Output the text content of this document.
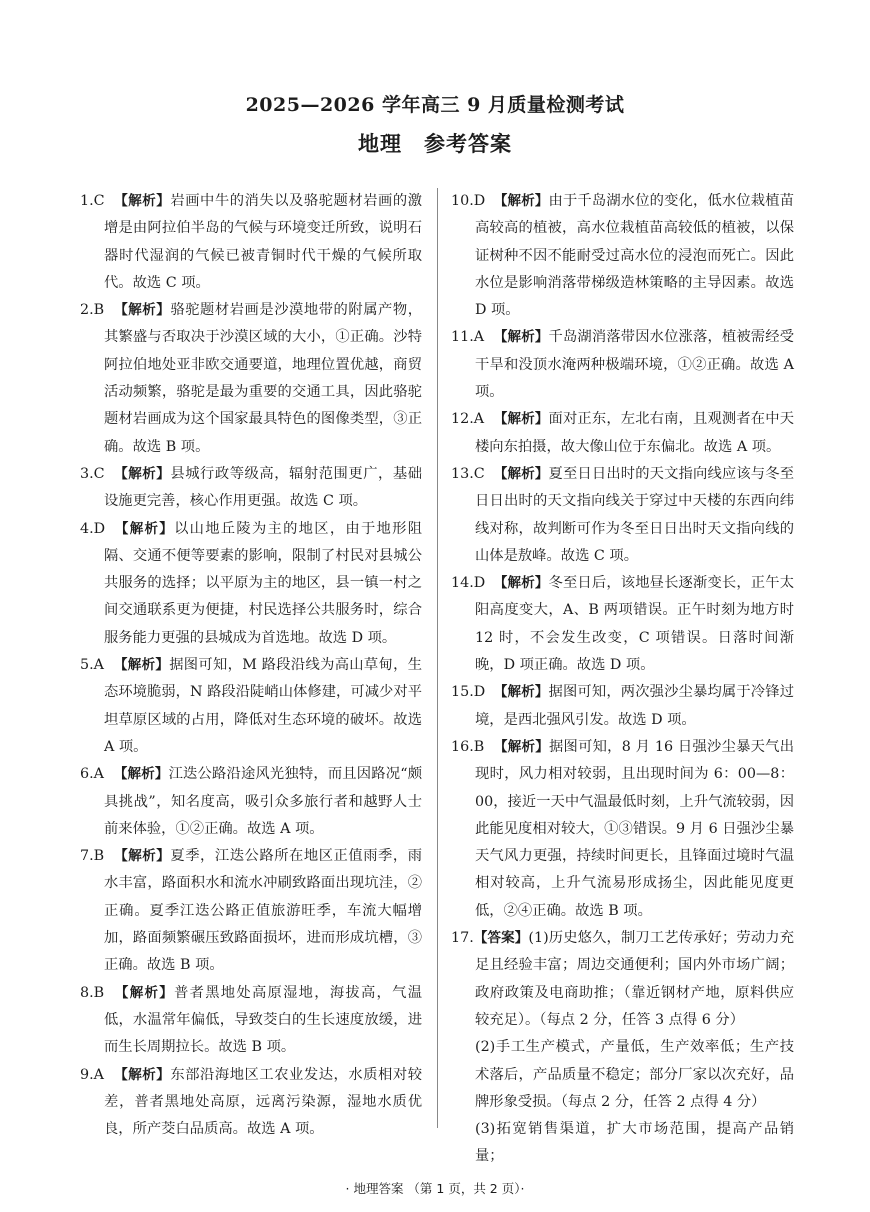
2025—2026 学年高三 9 月质量检测考试
地理 参考答案

1.C 【解析】岩画中牛的消失以及骆驼题材岩画的激增是由阿拉伯半岛的气候与环境变迁所致，说明石器时代湿润的气候已被青铜时代干燥的气候所取代。故选 C 项。

2.B 【解析】骆驼题材岩画是沙漠地带的附属产物，其繁盛与否取决于沙漠区域的大小，①正确。沙特阿拉伯地处亚非欧交通要道，地理位置优越，商贸活动频繁，骆驼是最为重要的交通工具，因此骆驼题材岩画成为这个国家最具特色的图像类型，③正确。故选 B 项。

3.C 【解析】县城行政等级高，辐射范围更广，基础设施更完善，核心作用更强。故选 C 项。

4.D 【解析】以山地丘陵为主的地区，由于地形阻隔、交通不便等要素的影响，限制了村民对县城公共服务的选择；以平原为主的地区，县一镇一村之间交通联系更为便捷，村民选择公共服务时，综合服务能力更强的县城成为首选地。故选 D 项。

5.A 【解析】据图可知，M 路段沿线为高山草甸，生态环境脆弱，N 路段沿陡峭山体修建，可减少对平坦草原区域的占用，降低对生态环境的破坏。故选 A 项。

6.A 【解析】江迭公路沿途风光独特，而且因路况“颇具挑战”，知名度高，吸引众多旅行者和越野人士前来体验，①②正确。故选 A 项。

7.B 【解析】夏季，江迭公路所在地区正值雨季，雨水丰富，路面积水和流水冲刷致路面出现坑洼，②正确。夏季江迭公路正值旅游旺季，车流大幅增加，路面频繁碾压致路面损坏，进而形成坑槽，③正确。故选 B 项。

8.B 【解析】普者黑地处高原湿地，海拔高，气温低，水温常年偏低，导致茭白的生长速度放缓，进而生长周期拉长。故选 B 项。

9.A 【解析】东部沿海地区工农业发达，水质相对较差，普者黑地处高原，远离污染源，湿地水质优良，所产茭白品质高。故选 A 项。

10.D 【解析】由于千岛湖水位的变化，低水位栽植苗高较高的植被，高水位栽植苗高较低的植被，以保证树种不因不能耐受过高水位的浸泡而死亡。因此水位是影响消落带梯级造林策略的主导因素。故选 D 项。

11.A 【解析】千岛湖消落带因水位涨落，植被需经受干旱和没顶水淹两种极端环境，①②正确。故选 A 项。

12.A 【解析】面对正东，左北右南，且观测者在中天楼向东拍摄，故大像山位于东偏北。故选 A 项。

13.C 【解析】夏至日日出时的天文指向线应该与冬至日日出时的天文指向线关于穿过中天楼的东西向纬线对称，故判断可作为冬至日日出时天文指向线的山体是敖峰。故选 C 项。

14.D 【解析】冬至日后，该地昼长逐渐变长，正午太阳高度变大，A、B 两项错误。正午时刻为地方时 12 时，不会发生改变，C 项错误。日落时间渐晚，D 项正确。故选 D 项。

15.D 【解析】据图可知，两次强沙尘暴均属于冷锋过境，是西北强风引发。故选 D 项。

16.B 【解析】据图可知，8 月 16 日强沙尘暴天气出现时，风力相对较弱，且出现时间为 6：00—8：00，接近一天中气温最低时刻，上升气流较弱，因此能见度相对较大，①③错误。9 月 6 日强沙尘暴天气风力更强，持续时间更长，且锋面过境时气温相对较高，上升气流易形成扬尘，因此能见度更低，②④正确。故选 B 项。

17.【答案】(1)历史悠久，制刀工艺传承好；劳动力充足且经验丰富；周边交通便利；国内外市场广阔；政府政策及电商助推；（靠近钢材产地，原料供应较充足）。（每点 2 分，任答 3 点得 6 分）

(2)手工生产模式，产量低，生产效率低；生产技术落后，产品质量不稳定；部分厂家以次充好，品牌形象受损。（每点 2 分，任答 2 点得 4 分）

(3)拓宽销售渠道，扩大市场范围，提高产品销量；

· 地理答案 （第 1 页，共 2 页）·
